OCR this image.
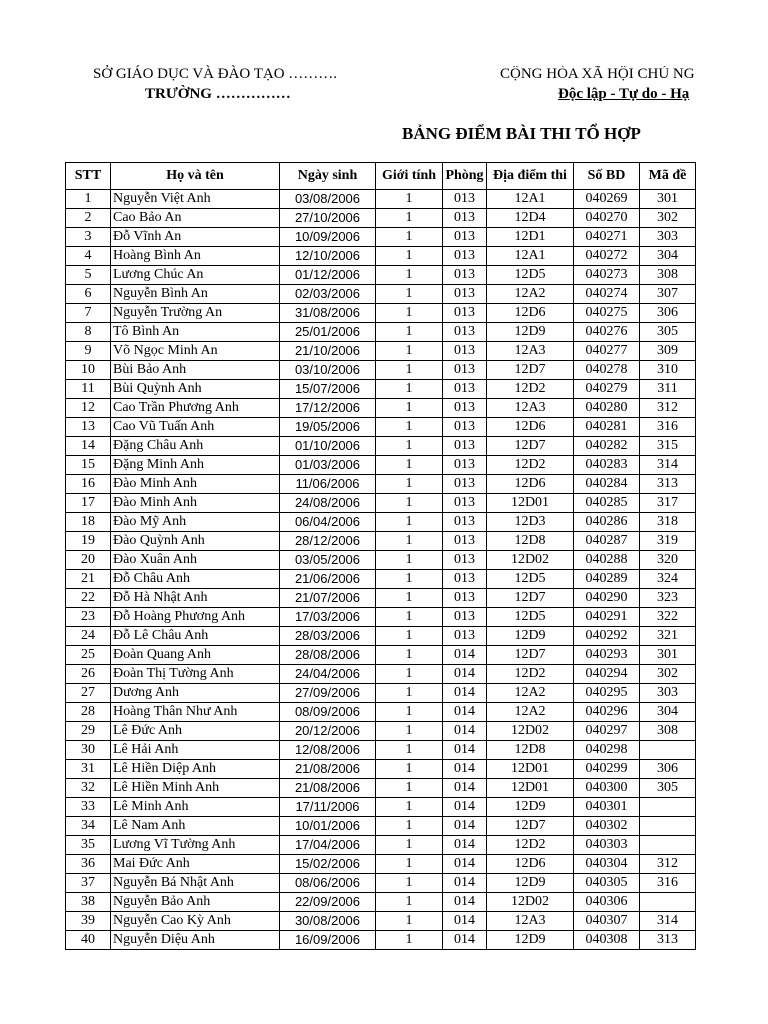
SỞ GIÁO DỤC VÀ ĐÀO TẠO ……….
TRƯỜNG ……………
CỘNG HÒA XÃ HỘI CHỦ NG
Độc lập - Tự do - Hạ
BẢNG ĐIỂM BÀI THI TỔ HỢP
STT	Họ và tên	Ngày sinh	Giới tính	Phòng	Địa điểm thi	Số BD	Mã đề
1	Nguyễn Việt Anh	03/08/2006	1	013	12A1	040269	301
2	Cao Bảo An	27/10/2006	1	013	12D4	040270	302
3	Đỗ Vĩnh An	10/09/2006	1	013	12D1	040271	303
4	Hoàng Bình An	12/10/2006	1	013	12A1	040272	304
5	Lương Chúc An	01/12/2006	1	013	12D5	040273	308
6	Nguyễn Bình An	02/03/2006	1	013	12A2	040274	307
7	Nguyễn Trường An	31/08/2006	1	013	12D6	040275	306
8	Tô Bình An	25/01/2006	1	013	12D9	040276	305
9	Võ Ngọc Minh An	21/10/2006	1	013	12A3	040277	309
10	Bùi Bảo Anh	03/10/2006	1	013	12D7	040278	310
11	Bùi Quỳnh Anh	15/07/2006	1	013	12D2	040279	311
12	Cao Trần Phương Anh	17/12/2006	1	013	12A3	040280	312
13	Cao Vũ Tuấn Anh	19/05/2006	1	013	12D6	040281	316
14	Đặng Châu Anh	01/10/2006	1	013	12D7	040282	315
15	Đặng Minh Anh	01/03/2006	1	013	12D2	040283	314
16	Đào Minh Anh	11/06/2006	1	013	12D6	040284	313
17	Đào Minh Anh	24/08/2006	1	013	12D01	040285	317
18	Đào Mỹ Anh	06/04/2006	1	013	12D3	040286	318
19	Đào Quỳnh Anh	28/12/2006	1	013	12D8	040287	319
20	Đào Xuân Anh	03/05/2006	1	013	12D02	040288	320
21	Đỗ Châu Anh	21/06/2006	1	013	12D5	040289	324
22	Đỗ Hà Nhật Anh	21/07/2006	1	013	12D7	040290	323
23	Đỗ Hoàng Phương Anh	17/03/2006	1	013	12D5	040291	322
24	Đỗ Lê Châu Anh	28/03/2006	1	013	12D9	040292	321
25	Đoàn Quang Anh	28/08/2006	1	014	12D7	040293	301
26	Đoàn Thị Tường Anh	24/04/2006	1	014	12D2	040294	302
27	Dương Anh	27/09/2006	1	014	12A2	040295	303
28	Hoàng Thân Như Anh	08/09/2006	1	014	12A2	040296	304
29	Lê Đức Anh	20/12/2006	1	014	12D02	040297	308
30	Lê Hải Anh	12/08/2006	1	014	12D8	040298	
31	Lê Hiền Diệp Anh	21/08/2006	1	014	12D01	040299	306
32	Lê Hiền Minh Anh	21/08/2006	1	014	12D01	040300	305
33	Lê Minh Anh	17/11/2006	1	014	12D9	040301	
34	Lê Nam Anh	10/01/2006	1	014	12D7	040302	
35	Lương Vĩ Tường Anh	17/04/2006	1	014	12D2	040303	
36	Mai Đức Anh	15/02/2006	1	014	12D6	040304	312
37	Nguyễn Bá Nhật Anh	08/06/2006	1	014	12D9	040305	316
38	Nguyễn Bảo Anh	22/09/2006	1	014	12D02	040306	
39	Nguyễn Cao Kỳ Anh	30/08/2006	1	014	12A3	040307	314
40	Nguyễn Diệu Anh	16/09/2006	1	014	12D9	040308	313
